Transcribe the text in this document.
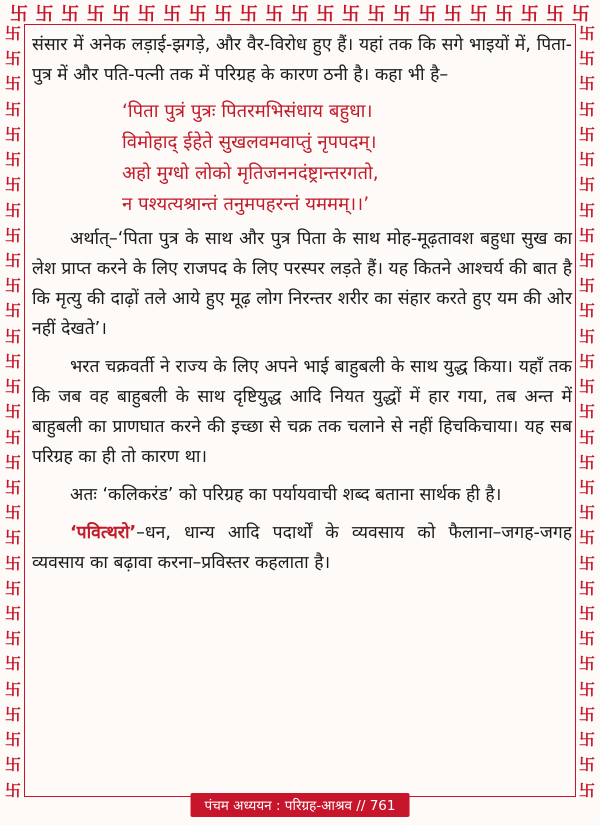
卐 卐 卐 卐 卐 卐 卐 卐 卐 卐 卐 卐 卐 卐 卐 卐 卐 卐 卐 卐 卐 卐 卐
卐
卐
卐
卐
卐
卐
卐
卐
卐
卐
卐
卐
卐
卐
卐
卐
卐
卐
卐
卐
卐
卐
卐
卐
卐
卐
卐
卐
卐
卐
卐
卐
卐
卐
卐
卐
卐
卐
卐
卐
卐
卐
卐
卐
卐
卐
卐
卐
卐
卐
卐
卐
卐
卐
卐
卐
卐
卐
卐
卐
卐
卐

संसार में अनेक लड़ाई-झगड़े, और वैर-विरोध हुए हैं। यहां तक कि सगे भाइयों में, पिता-पुत्र में और पति-पत्नी तक में परिग्रह के कारण ठनी है। कहा भी है–

‘पिता पुत्रं पुत्रः पितरमभिसंधाय बहुधा।
विमोहाद् ईहेते सुखलवमवाप्तुं नृपपदम्।
अहो मुग्धो लोको मृतिजननदंष्ट्रान्तरगतो,
न पश्यत्यश्रान्तं तनुमपहरन्तं यममम्‌।।’

अर्थात्–‘पिता पुत्र के साथ और पुत्र पिता के साथ मोह-मूढ़तावश बहुधा सुख का लेश प्राप्त करने के लिए राजपद के लिए परस्पर लड़ते हैं। यह कितने आश्चर्य की बात है कि मृत्यु की दाढ़ों तले आये हुए मूढ़ लोग निरन्तर शरीर का संहार करते हुए यम की ओर नहीं देखते’।

भरत चक्रवर्ती ने राज्य के लिए अपने भाई बाहुबली के साथ युद्ध किया। यहाँ तक कि जब वह बाहुबली के साथ दृष्टियुद्ध आदि नियत युद्धों में हार गया, तब अन्त में बाहुबली का प्राणघात करने की इच्छा से चक्र तक चलाने से नहीं हिचकिचाया। यह सब परिग्रह का ही तो कारण था।

अतः ‘कलिकरंड’ को परिग्रह का पर्यायवाची शब्द बताना सार्थक ही है।

‘पवित्थरो’–धन, धान्य आदि पदार्थों के व्यवसाय को फैलाना–जगह-जगह व्यवसाय का बढ़ावा करना–प्रविस्तर कहलाता है।

पंचम अध्ययन : परिग्रह-आश्रव // 761
